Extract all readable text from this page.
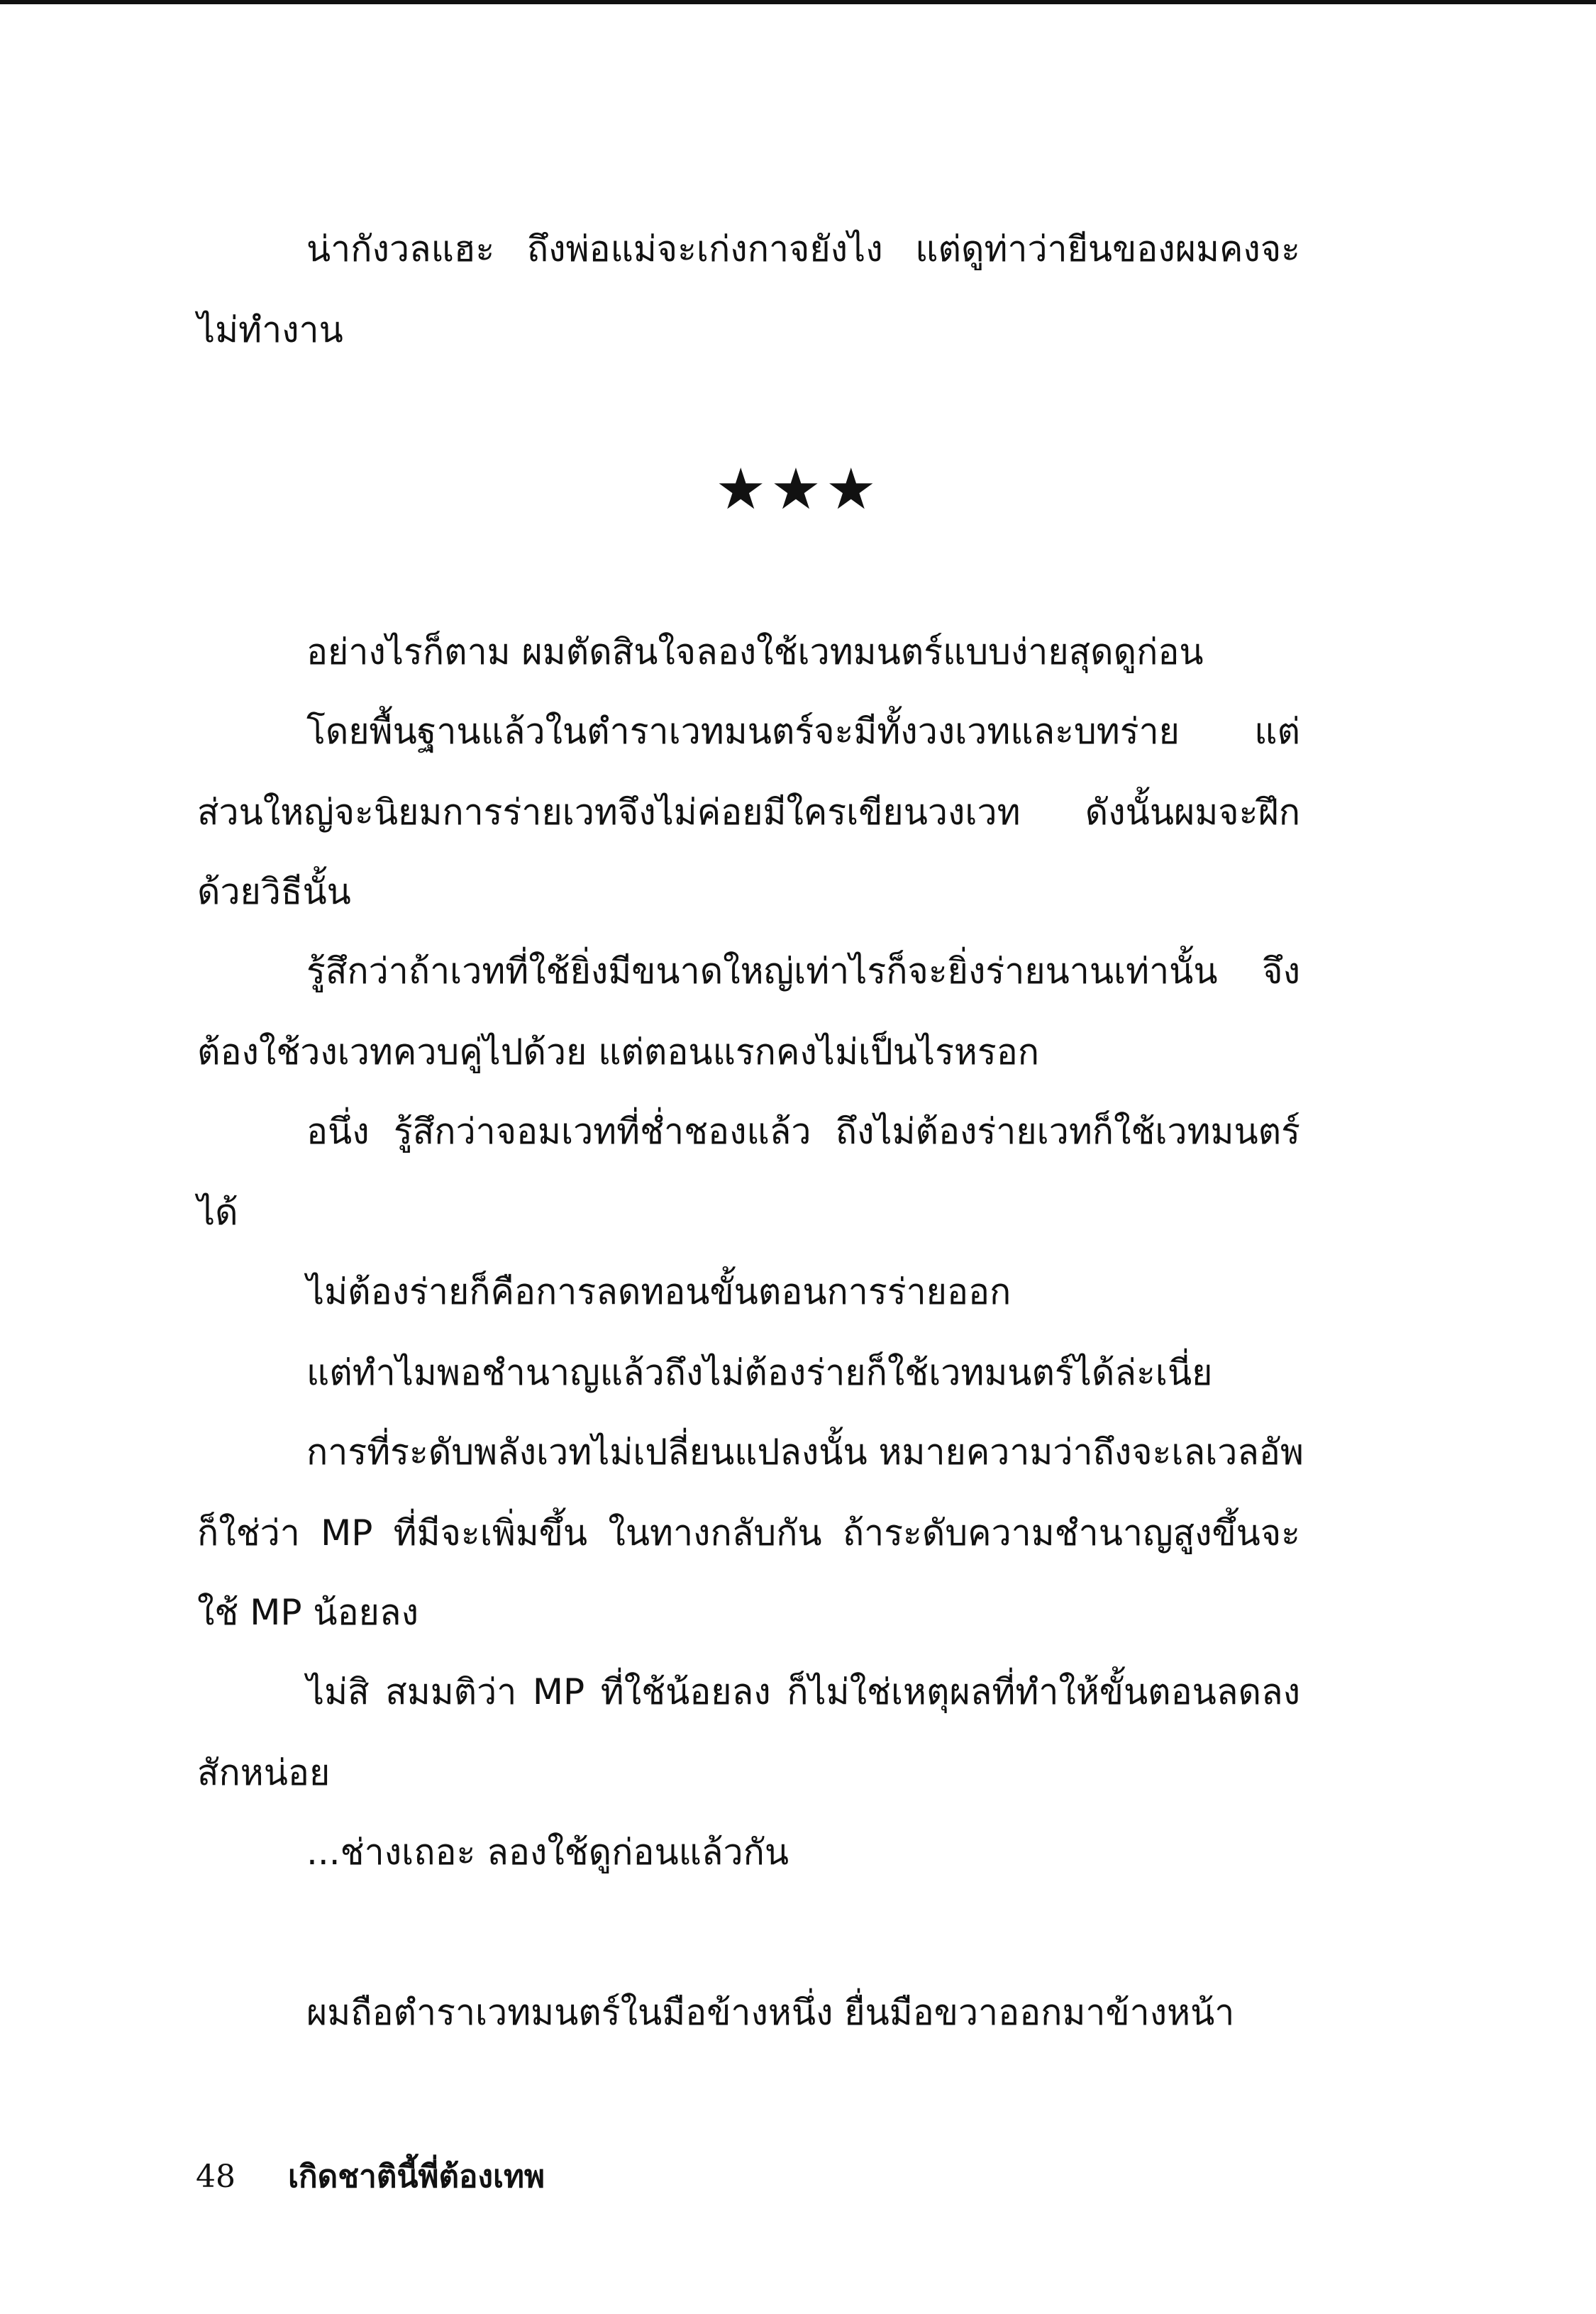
น่ากังวลแฮะ ถึงพ่อแม่จะเก่งกาจยังไง แต่ดูท่าว่ายีนของผมคงจะ
ไม่ทำงาน
★★★
อย่างไรก็ตาม ผมตัดสินใจลองใช้เวทมนตร์แบบง่ายสุดดูก่อน
โดยพื้นฐานแล้วในตำราเวทมนตร์จะมีทั้งวงเวทและบทร่าย แต่
ส่วนใหญ่จะนิยมการร่ายเวทจึงไม่ค่อยมีใครเขียนวงเวท ดังนั้นผมจะฝึก
ด้วยวิธีนั้น
รู้สึกว่าถ้าเวทที่ใช้ยิ่งมีขนาดใหญ่เท่าไรก็จะยิ่งร่ายนานเท่านั้น จึง
ต้องใช้วงเวทควบคู่ไปด้วย แต่ตอนแรกคงไม่เป็นไรหรอก
อนึ่ง รู้สึกว่าจอมเวทที่ช่ำชองแล้ว ถึงไม่ต้องร่ายเวทก็ใช้เวทมนตร์
ได้
ไม่ต้องร่ายก็คือการลดทอนขั้นตอนการร่ายออก
แต่ทำไมพอชำนาญแล้วถึงไม่ต้องร่ายก็ใช้เวทมนตร์ได้ล่ะเนี่ย
การที่ระดับพลังเวทไม่เปลี่ยนแปลงนั้น หมายความว่าถึงจะเลเวลอัพ
ก็ใช่ว่า MP ที่มีจะเพิ่มขึ้น ในทางกลับกัน ถ้าระดับความชำนาญสูงขึ้นจะ
ใช้ MP น้อยลง
ไม่สิ สมมติว่า MP ที่ใช้น้อยลง ก็ไม่ใช่เหตุผลที่ทำให้ขั้นตอนลดลง
สักหน่อย
...ช่างเถอะ ลองใช้ดูก่อนแล้วกัน
ผมถือตำราเวทมนตร์ในมือข้างหนึ่ง ยื่นมือขวาออกมาข้างหน้า
48 เกิดชาตินี้พี่ต้องเทพ
